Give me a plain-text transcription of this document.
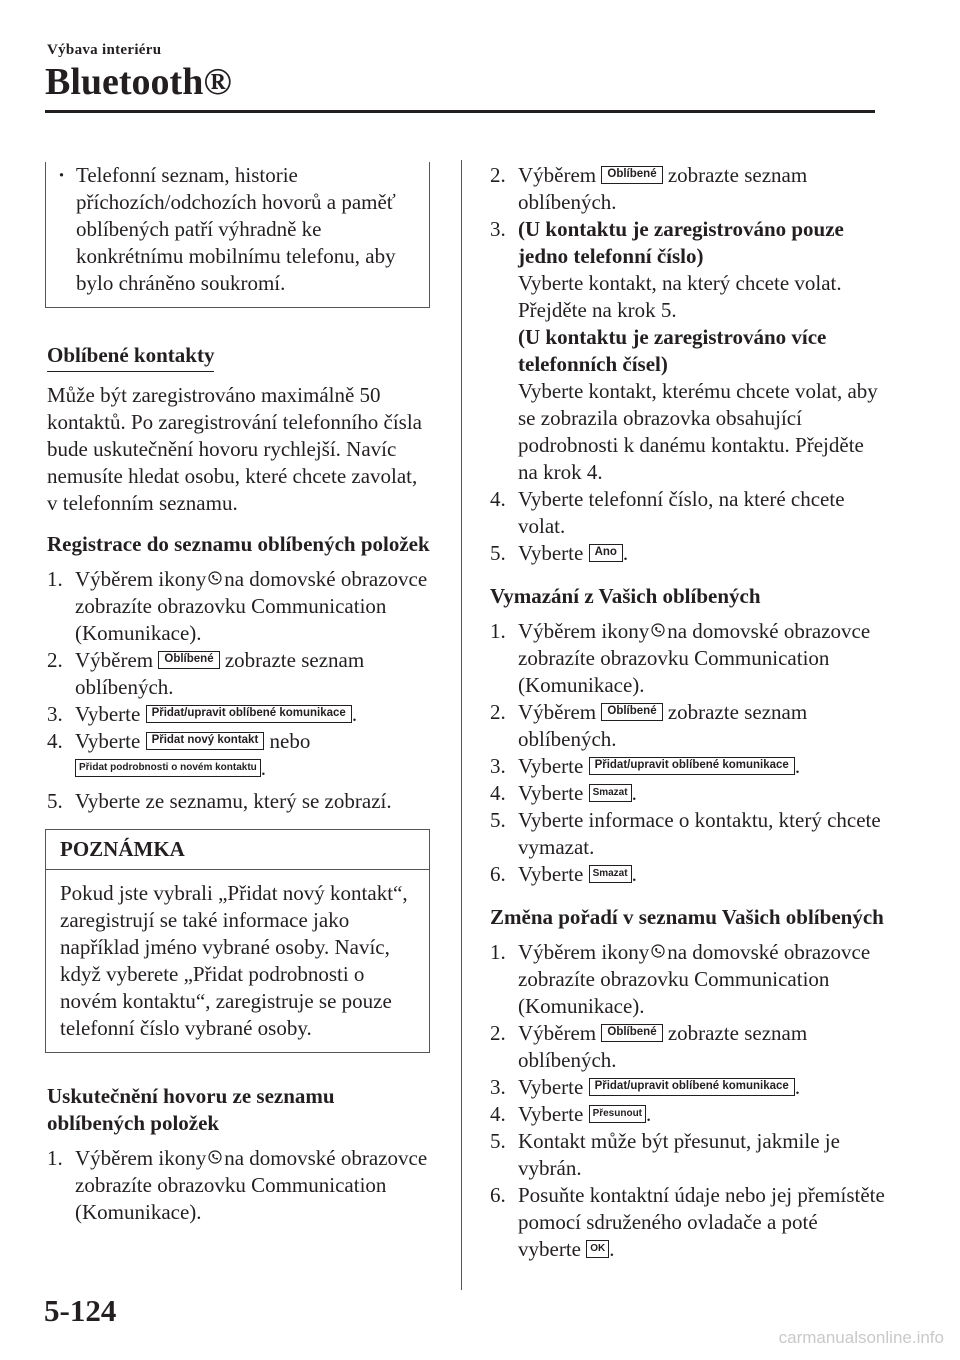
Výbava interiéru
Bluetooth®
· Telefonní seznam, historie příchozích/odchozích hovorů a paměť oblíbených patří výhradně ke konkrétnímu mobilnímu telefonu, aby bylo chráněno soukromí.

Oblíbené kontakty

Může být zaregistrováno maximálně 50 kontaktů. Po zaregistrování telefonního čísla bude uskutečnění hovoru rychlejší. Navíc nemusíte hledat osobu, které chcete zavolat, v telefonním seznamu.

Registrace do seznamu oblíbených položek
1. Výběrem ikony na domovské obrazovce zobrazíte obrazovku Communication (Komunikace).
2. Výběrem Oblíbené zobrazte seznam oblíbených.
3. Vyberte Přidat/upravit oblíbené komunikace .
4. Vyberte Přidat nový kontakt nebo
Přidat podrobnosti o novém kontaktu .
5. Vyberte ze seznamu, který se zobrazí.
POZNÁMKA
Pokud jste vybrali „Přidat nový kontakt“, zaregistrují se také informace jako například jméno vybrané osoby. Navíc, když vyberete „Přidat podrobnosti o novém kontaktu“, zaregistruje se pouze telefonní číslo vybrané osoby.
Uskutečnění hovoru ze seznamu oblíbených položek
1. Výběrem ikony na domovské obrazovce zobrazíte obrazovku Communication (Komunikace).
2. Výběrem Oblíbené zobrazte seznam oblíbených.
3. (U kontaktu je zaregistrováno pouze jedno telefonní číslo)
Vyberte kontakt, na který chcete volat. Přejděte na krok 5.
(U kontaktu je zaregistrováno více telefonních čísel)
Vyberte kontakt, kterému chcete volat, aby se zobrazila obrazovka obsahující podrobnosti k danému kontaktu. Přejděte na krok 4.
4. Vyberte telefonní číslo, na které chcete volat.
5. Vyberte Ano .
Vymazání z Vašich oblíbených
1. Výběrem ikony na domovské obrazovce zobrazíte obrazovku Communication (Komunikace).
2. Výběrem Oblíbené zobrazte seznam oblíbených.
3. Vyberte Přidat/upravit oblíbené komunikace .
4. Vyberte Smazat .
5. Vyberte informace o kontaktu, který chcete vymazat.
6. Vyberte Smazat .
Změna pořadí v seznamu Vašich oblíbených
1. Výběrem ikony na domovské obrazovce zobrazíte obrazovku Communication (Komunikace).
2. Výběrem Oblíbené zobrazte seznam oblíbených.
3. Vyberte Přidat/upravit oblíbené komunikace .
4. Vyberte Přesunout .
5. Kontakt může být přesunut, jakmile je vybrán.
6. Posuňte kontaktní údaje nebo jej přemístěte pomocí sdruženého ovladače a poté vyberte OK .
5-124
carmanualsonline.info
